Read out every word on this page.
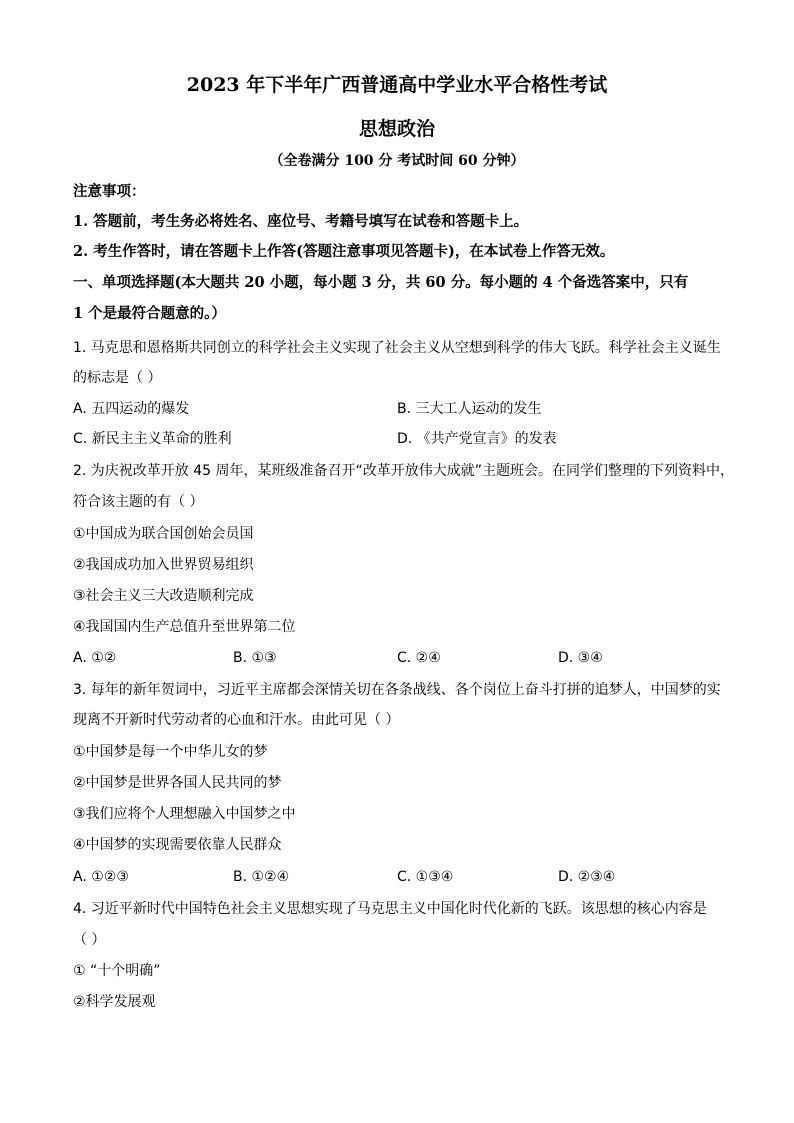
2023 年下半年广西普通高中学业水平合格性考试
思想政治
（全卷满分 100 分 考试时间 60 分钟）
注意事项：
1. 答题前，考生务必将姓名、座位号、考籍号填写在试卷和答题卡上。
2. 考生作答时，请在答题卡上作答(答题注意事项见答题卡)，在本试卷上作答无效。
一、单项选择题(本大题共 20 小题，每小题 3 分，共 60 分。每小题的 4 个备选答案中，只有
1 个是最符合题意的。）
1. 马克思和恩格斯共同创立的科学社会主义实现了社会主义从空想到科学的伟大飞跃。科学社会主义诞生
的标志是（ ）
A. 五四运动的爆发	B. 三大工人运动的发生
C. 新民主主义革命的胜利	D. 《共产党宣言》的发表
2. 为庆祝改革开放 45 周年，某班级准备召开“改革开放伟大成就”主题班会。在同学们整理的下列资料中，
符合该主题的有（ ）
①中国成为联合国创始会员国
②我国成功加入世界贸易组织
③社会主义三大改造顺利完成
④我国国内生产总值升至世界第二位
A. ①②	B. ①③	C. ②④	D. ③④
3. 每年的新年贺词中，习近平主席都会深情关切在各条战线、各个岗位上奋斗打拼的追梦人，中国梦的实
现离不开新时代劳动者的心血和汗水。由此可见（ ）
①中国梦是每一个中华儿女的梦
②中国梦是世界各国人民共同的梦
③我们应将个人理想融入中国梦之中
④中国梦的实现需要依靠人民群众
A. ①②③	B. ①②④	C. ①③④	D. ②③④
4. 习近平新时代中国特色社会主义思想实现了马克思主义中国化时代化新的飞跃。该思想的核心内容是
（ ）
① “十个明确”
②科学发展观
